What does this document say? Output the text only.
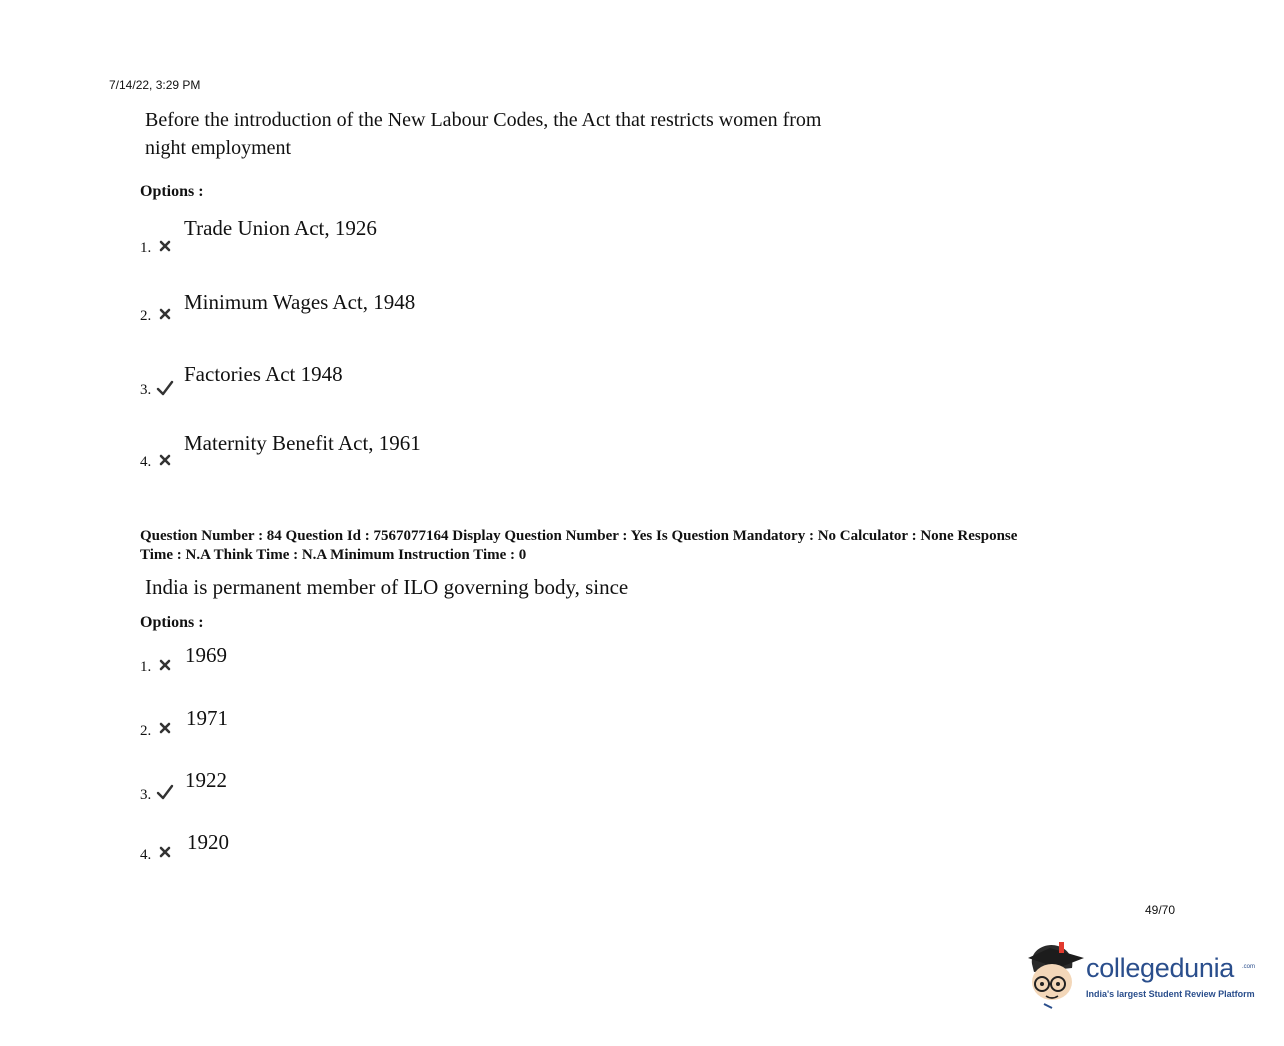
7/14/22, 3:29 PM
Before the introduction of the New Labour Codes, the Act that restricts women from
night employment
Options :
1.
Trade Union Act, 1926
2.
Minimum Wages Act, 1948
3.
Factories Act 1948
4.
Maternity Benefit Act, 1961
Question Number : 84 Question Id : 7567077164 Display Question Number : Yes Is Question Mandatory : No Calculator : None Response
Time : N.A Think Time : N.A Minimum Instruction Time : 0
India is permanent member of ILO governing body, since
Options :
1. 1969
2.
1971
3.
1922
4.
1920
49/70
collegedunia .com
India's largest Student Review Platform
